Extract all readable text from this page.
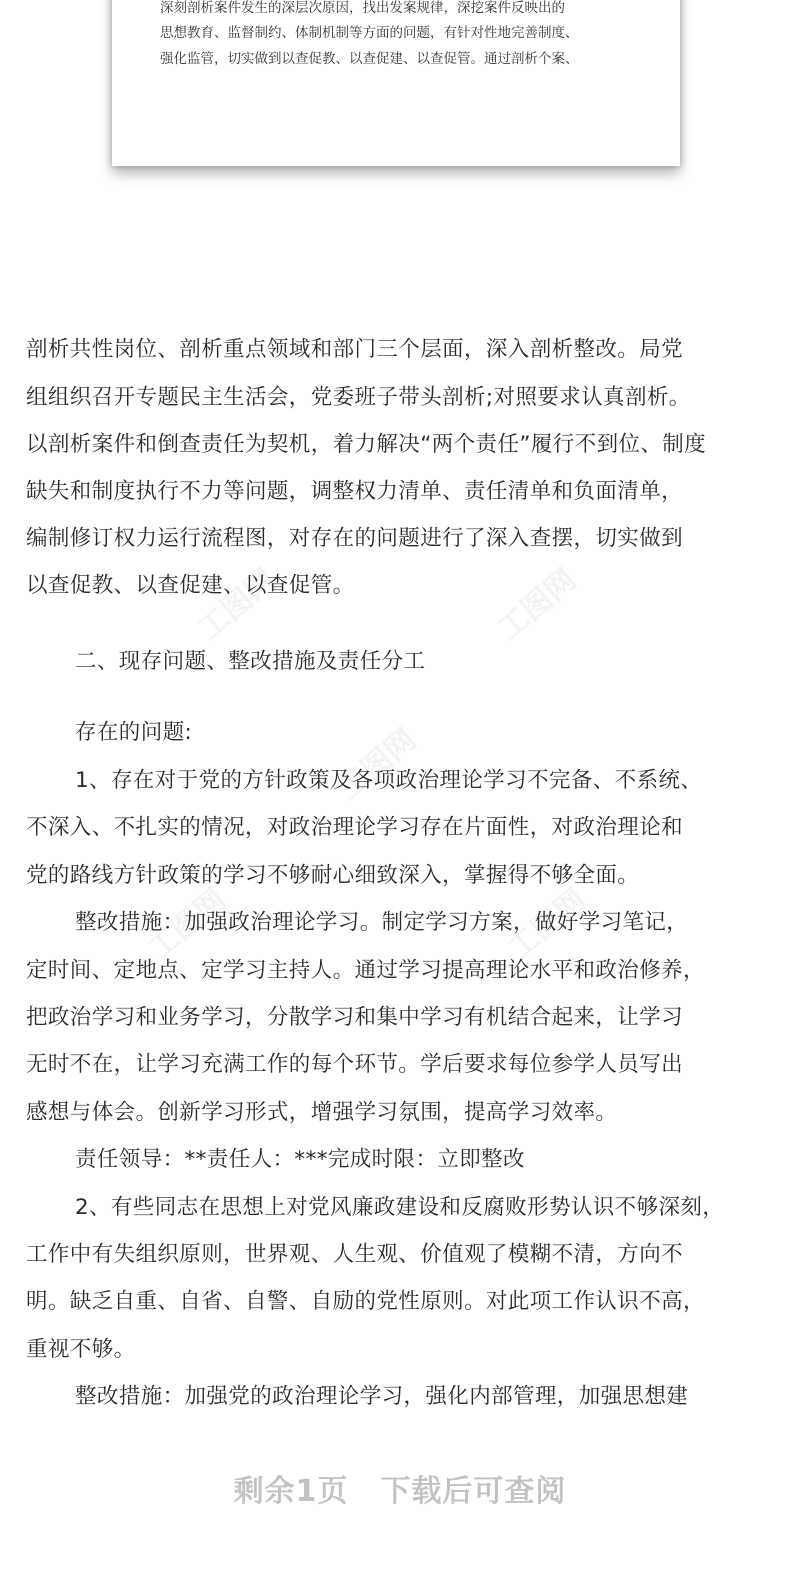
深刻剖析案件发生的深层次原因，找出发案规律，深挖案件反映出的
思想教育、监督制约、体制机制等方面的问题，有针对性地完善制度、
强化监管，切实做到以查促教、以查促建、以查促管。通过剖析个案、
工图网	工图网
工图网
工图网	工图网
剖析共性岗位、剖析重点领域和部门三个层面，深入剖析整改。局党
组组织召开专题民主生活会，党委班子带头剖析;对照要求认真剖析。
以剖析案件和倒查责任为契机，着力解决“两个责任”履行不到位、制度
缺失和制度执行不力等问题，调整权力清单、责任清单和负面清单，
编制修订权力运行流程图，对存在的问题进行了深入查摆，切实做到
以查促教、以查促建、以查促管。
二、现存问题、整改措施及责任分工
存在的问题:
1、存在对于党的方针政策及各项政治理论学习不完备、不系统、
不深入、不扎实的情况，对政治理论学习存在片面性，对政治理论和
党的路线方针政策的学习不够耐心细致深入，掌握得不够全面。
整改措施：加强政治理论学习。制定学习方案，做好学习笔记，
定时间、定地点、定学习主持人。通过学习提高理论水平和政治修养，
把政治学习和业务学习，分散学习和集中学习有机结合起来，让学习
无时不在，让学习充满工作的每个环节。学后要求每位参学人员写出
感想与体会。创新学习形式，增强学习氛围，提高学习效率。
责任领导：**责任人：***完成时限：立即整改
2、有些同志在思想上对党风廉政建设和反腐败形势认识不够深刻，
工作中有失组织原则，世界观、人生观、价值观了模糊不清，方向不
明。缺乏自重、自省、自警、自励的党性原则。对此项工作认识不高，
重视不够。
整改措施：加强党的政治理论学习，强化内部管理，加强思想建
剩余1页 下载后可查阅
